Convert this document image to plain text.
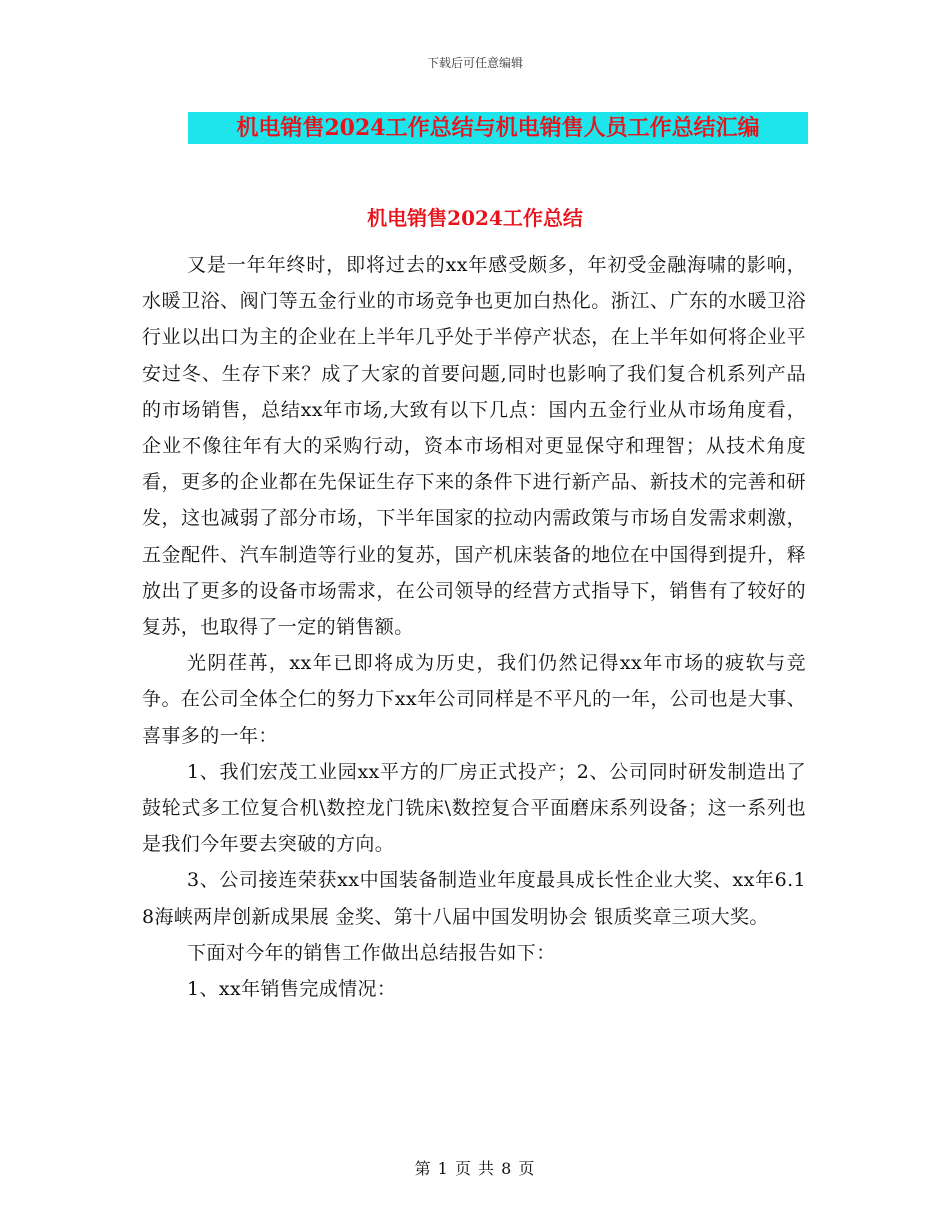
下载后可任意编辑
机电销售2024工作总结与机电销售人员工作总结汇编
机电销售2024工作总结

又是一年年终时，即将过去的xx年感受颇多，年初受金融海啸的影响，水暖卫浴、阀门等五金行业的市场竞争也更加白热化。浙江、广东的水暖卫浴行业以出口为主的企业在上半年几乎处于半停产状态，在上半年如何将企业平安过冬、生存下来？成了大家的首要问题,同时也影响了我们复合机系列产品的市场销售，总结xx年市场,大致有以下几点：国内五金行业从市场角度看，企业不像往年有大的采购行动，资本市场相对更显保守和理智；从技术角度看，更多的企业都在先保证生存下来的条件下进行新产品、新技术的完善和研发，这也减弱了部分市场，下半年国家的拉动内需政策与市场自发需求刺激，五金配件、汽车制造等行业的复苏，国产机床装备的地位在中国得到提升，释放出了更多的设备市场需求，在公司领导的经营方式指导下，销售有了较好的复苏，也取得了一定的销售额。

光阴荏苒，xx年已即将成为历史，我们仍然记得xx年市场的疲软与竞争。在公司全体仝仁的努力下xx年公司同样是不平凡的一年，公司也是大事、喜事多的一年：

1、我们宏茂工业园xx平方的厂房正式投产；2、公司同时研发制造出了鼓轮式多工位复合机\数控龙门铣床\数控复合平面磨床系列设备；这一系列也是我们今年要去突破的方向。

3、公司接连荣获xx中国装备制造业年度最具成长性企业大奖、xx年6.18海峡两岸创新成果展 金奖、第十八届中国发明协会 银质奖章三项大奖。

下面对今年的销售工作做出总结报告如下：

1、xx年销售完成情况：

第 1 页 共 8 页
